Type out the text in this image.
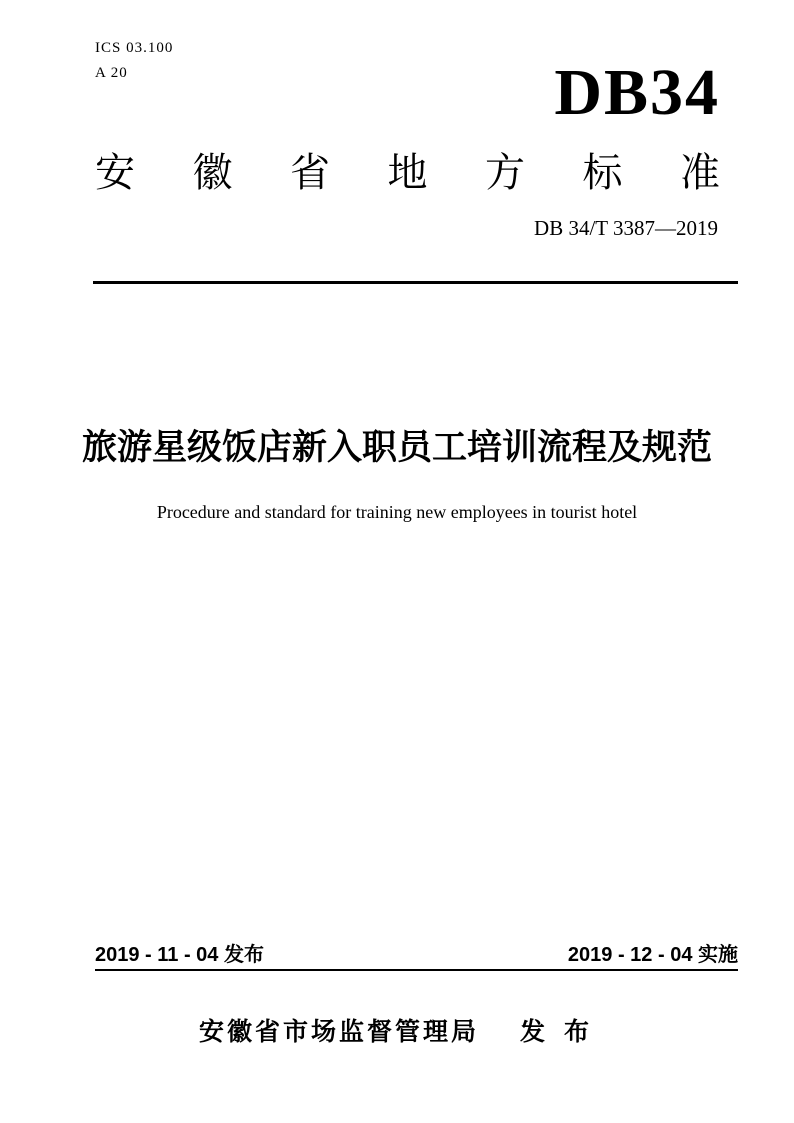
ICS 03.100
A 20	DB34
安 徽 省 地 方 标 准
DB 34/T 3387—2019
旅游星级饭店新入职员工培训流程及规范
Procedure and standard for training new employees in tourist hotel
2019 - 11 - 04 发布	2019 - 12 - 04 实施
安徽省市场监督管理局 发 布
